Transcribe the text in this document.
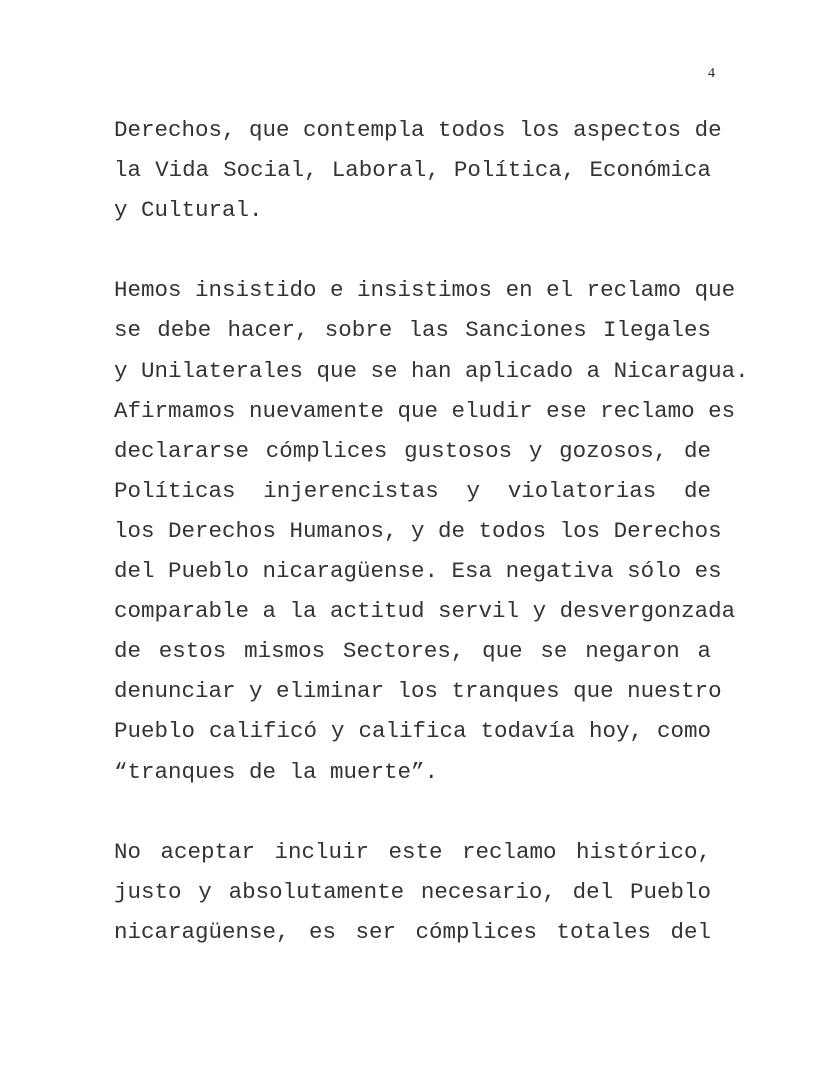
4
Derechos, que contempla todos los aspectos de
la Vida Social, Laboral, Política, Económica
y Cultural.
Hemos insistido e insistimos en el reclamo que
se debe hacer, sobre las Sanciones Ilegales
y Unilaterales que se han aplicado a Nicaragua.
Afirmamos nuevamente que eludir ese reclamo es
declararse cómplices gustosos y gozosos, de
Políticas injerencistas y violatorias de
los Derechos Humanos, y de todos los Derechos
del Pueblo nicaragüense. Esa negativa sólo es
comparable a la actitud servil y desvergonzada
de estos mismos Sectores, que se negaron a
denunciar y eliminar los tranques que nuestro
Pueblo calificó y califica todavía hoy, como
“tranques de la muerte”.
No aceptar incluir este reclamo histórico,
justo y absolutamente necesario, del Pueblo
nicaragüense, es ser cómplices totales del
